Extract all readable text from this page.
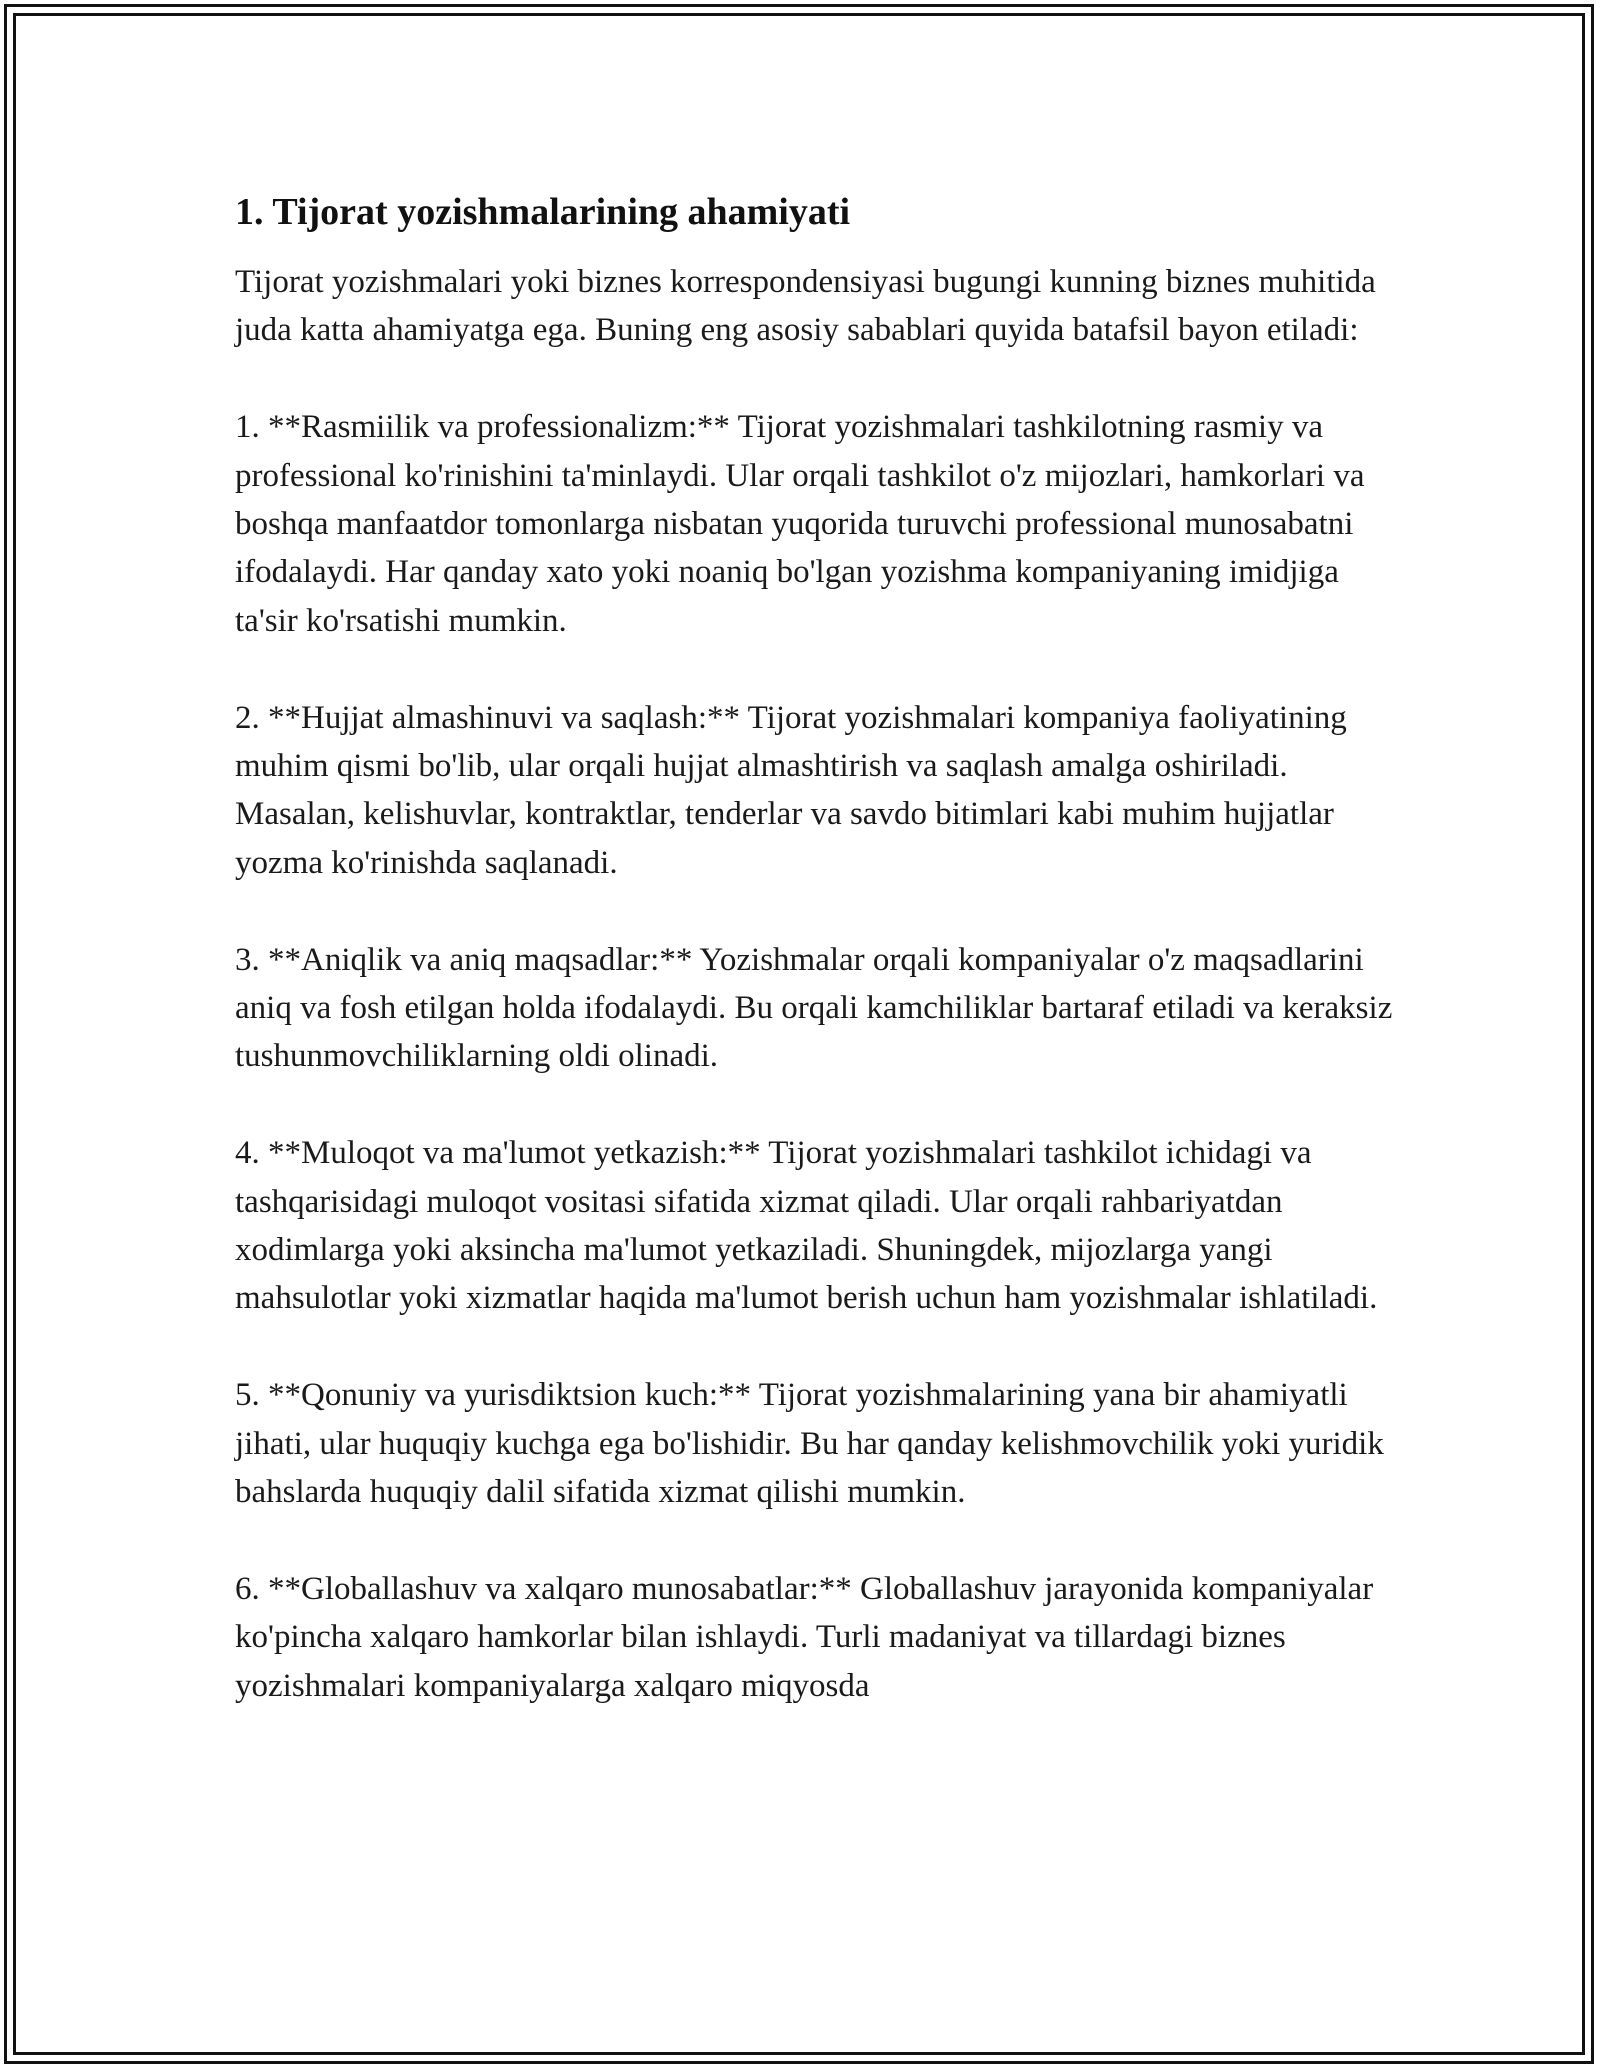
1. Tijorat yozishmalarining ahamiyati

Tijorat yozishmalari yoki biznes korrespondensiyasi bugungi kunning biznes muhitida juda katta ahamiyatga ega. Buning eng asosiy sabablari quyida batafsil bayon etiladi:

1. **Rasmiilik va professionalizm:** Tijorat yozishmalari tashkilotning rasmiy va professional ko'rinishini ta'minlaydi. Ular orqali tashkilot o'z mijozlari, hamkorlari va boshqa manfaatdor tomonlarga nisbatan yuqorida turuvchi professional munosabatni ifodalaydi. Har qanday xato yoki noaniq bo'lgan yozishma kompaniyaning imidjiga ta'sir ko'rsatishi mumkin.

2. **Hujjat almashinuvi va saqlash:** Tijorat yozishmalari kompaniya faoliyatining muhim qismi bo'lib, ular orqali hujjat almashtirish va saqlash amalga oshiriladi. Masalan, kelishuvlar, kontraktlar, tenderlar va savdo bitimlari kabi muhim hujjatlar yozma ko'rinishda saqlanadi.

3. **Aniqlik va aniq maqsadlar:** Yozishmalar orqali kompaniyalar o'z maqsadlarini aniq va fosh etilgan holda ifodalaydi. Bu orqali kamchiliklar bartaraf etiladi va keraksiz tushunmovchiliklarning oldi olinadi.

4. **Muloqot va ma'lumot yetkazish:** Tijorat yozishmalari tashkilot ichidagi va tashqarisidagi muloqot vositasi sifatida xizmat qiladi. Ular orqali rahbariyatdan xodimlarga yoki aksincha ma'lumot yetkaziladi. Shuningdek, mijozlarga yangi mahsulotlar yoki xizmatlar haqida ma'lumot berish uchun ham yozishmalar ishlatiladi.

5. **Qonuniy va yurisdiktsion kuch:** Tijorat yozishmalarining yana bir ahamiyatli jihati, ular huquqiy kuchga ega bo'lishidir. Bu har qanday kelishmovchilik yoki yuridik bahslarda huquqiy dalil sifatida xizmat qilishi mumkin.

6. **Globallashuv va xalqaro munosabatlar:** Globallashuv jarayonida kompaniyalar ko'pincha xalqaro hamkorlar bilan ishlaydi. Turli madaniyat va tillardagi biznes yozishmalari kompaniyalarga xalqaro miqyosda
